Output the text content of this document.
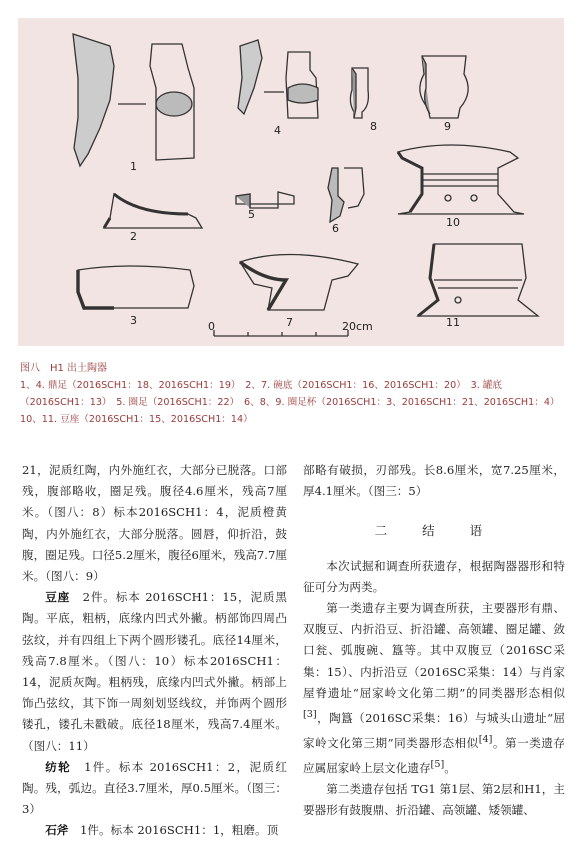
1
2
3
4
5
6
7
8	9
10
11
0	20cm
图八　H1 出土陶器
1、4. 鼎足（2016SCH1：18、2016SCH1：19）　2、7. 碗底（2016SCH1：16、2016SCH1：20）　3. 罐底（2016SCH1：13）　5. 圈足（2016SCH1：22）　6、8、9. 圈足杯（2016SCH1：3、2016SCH1：21、2016SCH1：4）　10、11. 豆座（2016SCH1：15、2016SCH1：14）

21，泥质红陶，内外施红衣，大部分已脱落。口部残，腹部略收，圈足残。腹径4.6厘米，残高7厘米。（图八：8）标本2016SCH1：4，泥质橙黄陶，内外施红衣，大部分脱落。圆唇，仰折沿，鼓腹，圈足残。口径5.2厘米，腹径6厘米，残高7.7厘米。（图八：9）

豆座　2件。标本 2016SCH1：15，泥质黑陶。平底，粗柄，底缘内凹式外撇。柄部饰四周凸弦纹，并有四组上下两个圆形镂孔。底径14厘米，残高7.8厘米。（图八：10）标本2016SCH1：14，泥质灰陶。粗柄残，底缘内凹式外撇。柄部上饰凸弦纹，其下饰一周刻划竖线纹，并饰两个圆形镂孔，镂孔未戳破。底径18厘米，残高7.4厘米。（图八：11）

纺轮　1件。标本 2016SCH1：2，泥质红陶。残，弧边。直径3.7厘米，厚0.5厘米。（图三：3）

石斧　1件。标本 2016SCH1：1，粗磨。顶

部略有破损，刃部残。长8.6厘米，宽7.25厘米，厚4.1厘米。（图三：5）

二　结　语

本次试掘和调查所获遗存，根据陶器器形和特征可分为两类。

第一类遗存主要为调查所获，主要器形有鼎、双腹豆、内折沿豆、折沿罐、高领罐、圈足罐、敛口瓮、弧腹碗、簋等。其中双腹豆（2016SC采集：15）、内折沿豆（2016SC采集：14）与肖家屋脊遗址“屈家岭文化第二期”的同类器形态相似[3]，陶簋（2016SC采集：16）与城头山遗址“屈家岭文化第三期”同类器形态相似[4]。第一类遗存应属屈家岭上层文化遗存[5]。

第二类遗存包括 TG1 第1层、第2层和H1，主要器形有鼓腹鼎、折沿罐、高领罐、矮领罐、
